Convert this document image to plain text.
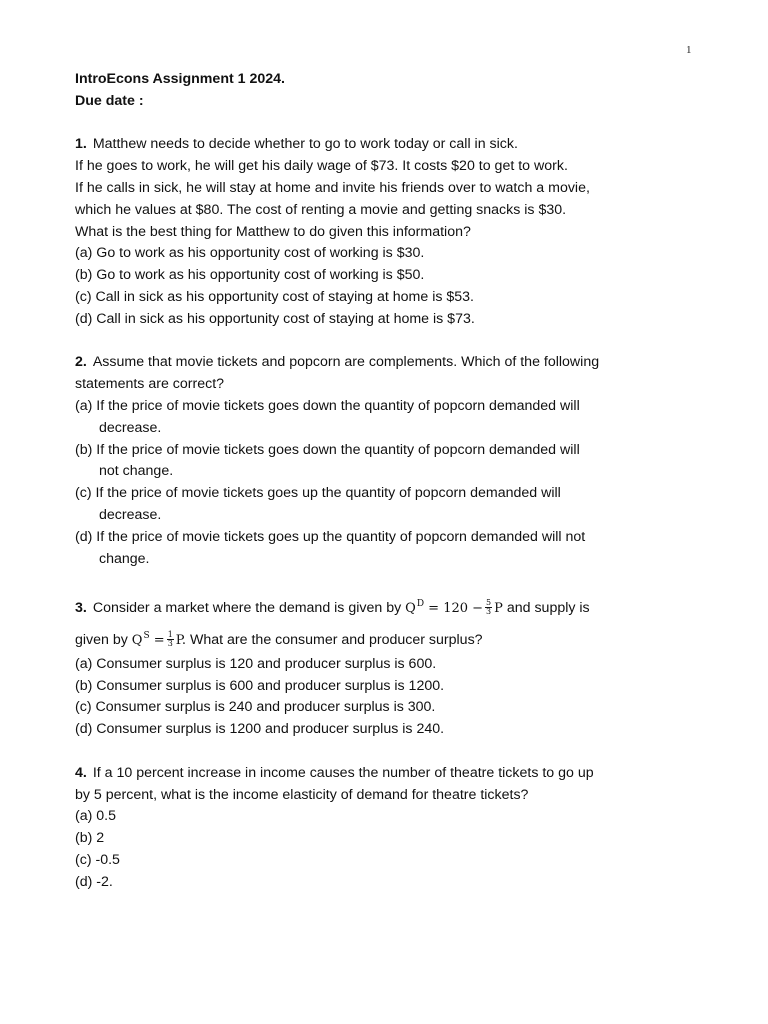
1
IntroEcons Assignment 1 2024.
Due date :
1. Matthew needs to decide whether to go to work today or call in sick.
If he goes to work, he will get his daily wage of $73. It costs $20 to get to work.
If he calls in sick, he will stay at home and invite his friends over to watch a movie,
which he values at $80. The cost of renting a movie and getting snacks is $30.
What is the best thing for Matthew to do given this information?
(a) Go to work as his opportunity cost of working is $30.
(b) Go to work as his opportunity cost of working is $50.
(c) Call in sick as his opportunity cost of staying at home is $53.
(d) Call in sick as his opportunity cost of staying at home is $73.
2. Assume that movie tickets and popcorn are complements. Which of the following
statements are correct?
(a) If the price of movie tickets goes down the quantity of popcorn demanded will
decrease.
(b) If the price of movie tickets goes down the quantity of popcorn demanded will
not change.
(c) If the price of movie tickets goes up the quantity of popcorn demanded will
decrease.
(d) If the price of movie tickets goes up the quantity of popcorn demanded will not
change.
3. Consider a market where the demand is given by $Q^D = 120 - \frac{5}{3}$ P and supply is
given by $Q^S = \frac{1}{3} P$. What are the consumer and producer surplus?
(a) Consumer surplus is 120 and producer surplus is 600.
(b) Consumer surplus is 600 and producer surplus is 1200.
(c) Consumer surplus is 240 and producer surplus is 300.
(d) Consumer surplus is 1200 and producer surplus is 240.
4. If a 10 percent increase in income causes the number of theatre tickets to go up
by 5 percent, what is the income elasticity of demand for theatre tickets?
(a) 0.5
(b) 2
(c) -0.5
(d) -2.
